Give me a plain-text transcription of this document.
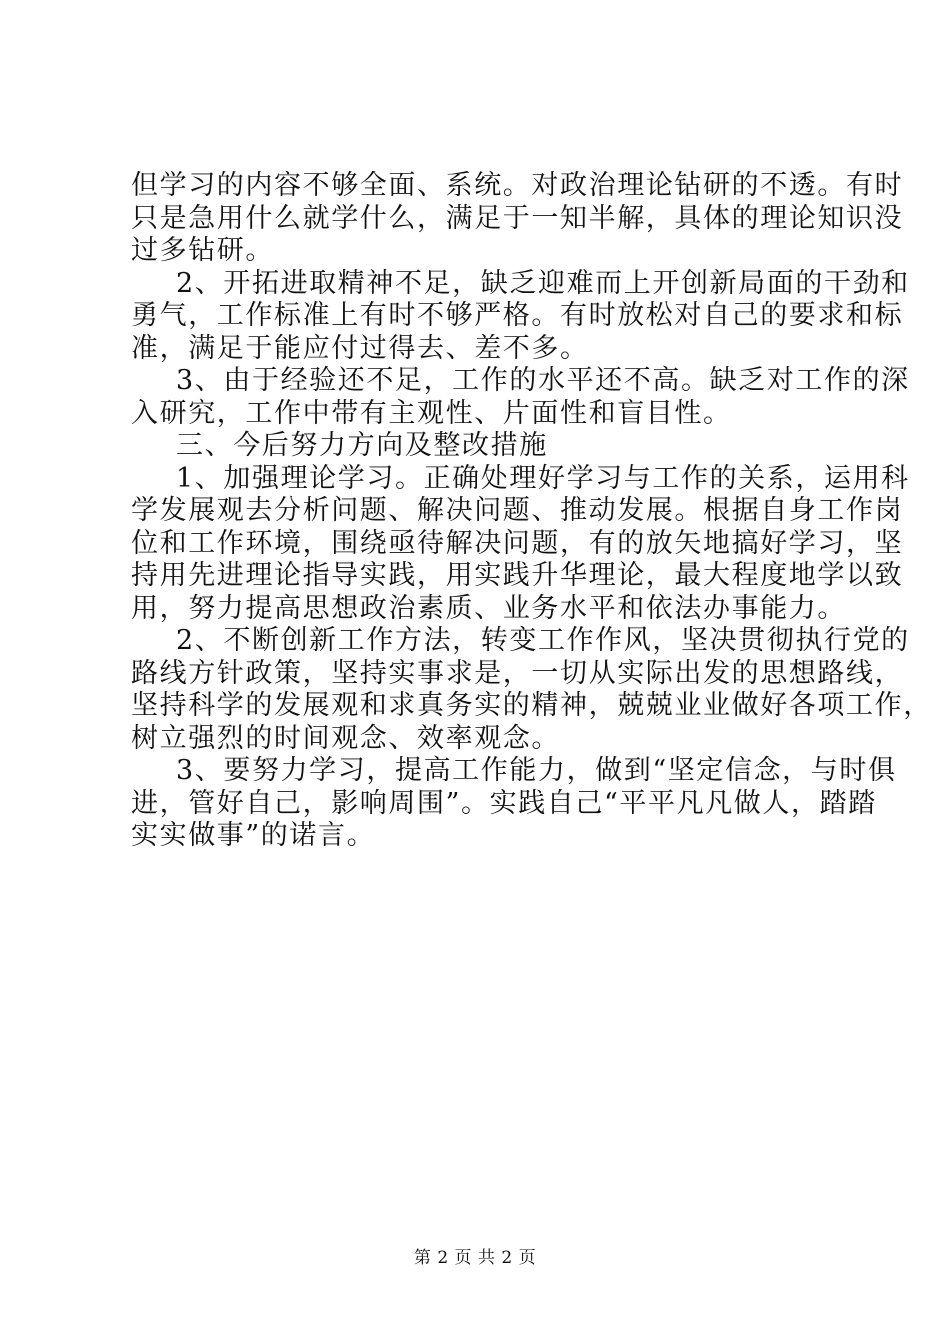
但学习的内容不够全面、系统。对政治理论钻研的不透。有时
只是急用什么就学什么，满足于一知半解，具体的理论知识没
过多钻研。
2、开拓进取精神不足，缺乏迎难而上开创新局面的干劲和
勇气，工作标准上有时不够严格。有时放松对自己的要求和标
准，满足于能应付过得去、差不多。
3、由于经验还不足，工作的水平还不高。缺乏对工作的深
入研究，工作中带有主观性、片面性和盲目性。
三、今后努力方向及整改措施
1、加强理论学习。正确处理好学习与工作的关系，运用科
学发展观去分析问题、解决问题、推动发展。根据自身工作岗
位和工作环境，围绕亟待解决问题，有的放矢地搞好学习，坚
持用先进理论指导实践，用实践升华理论，最大程度地学以致
用，努力提高思想政治素质、业务水平和依法办事能力。
2、不断创新工作方法，转变工作作风，坚决贯彻执行党的
路线方针政策，坚持实事求是，一切从实际出发的思想路线，
坚持科学的发展观和求真务实的精神，兢兢业业做好各项工作，
树立强烈的时间观念、效率观念。
3、要努力学习，提高工作能力，做到“坚定信念，与时俱
进，管好自己，影响周围”。实践自己“平平凡凡做人，踏踏
实实做事”的诺言。
第 2 页 共 2 页
